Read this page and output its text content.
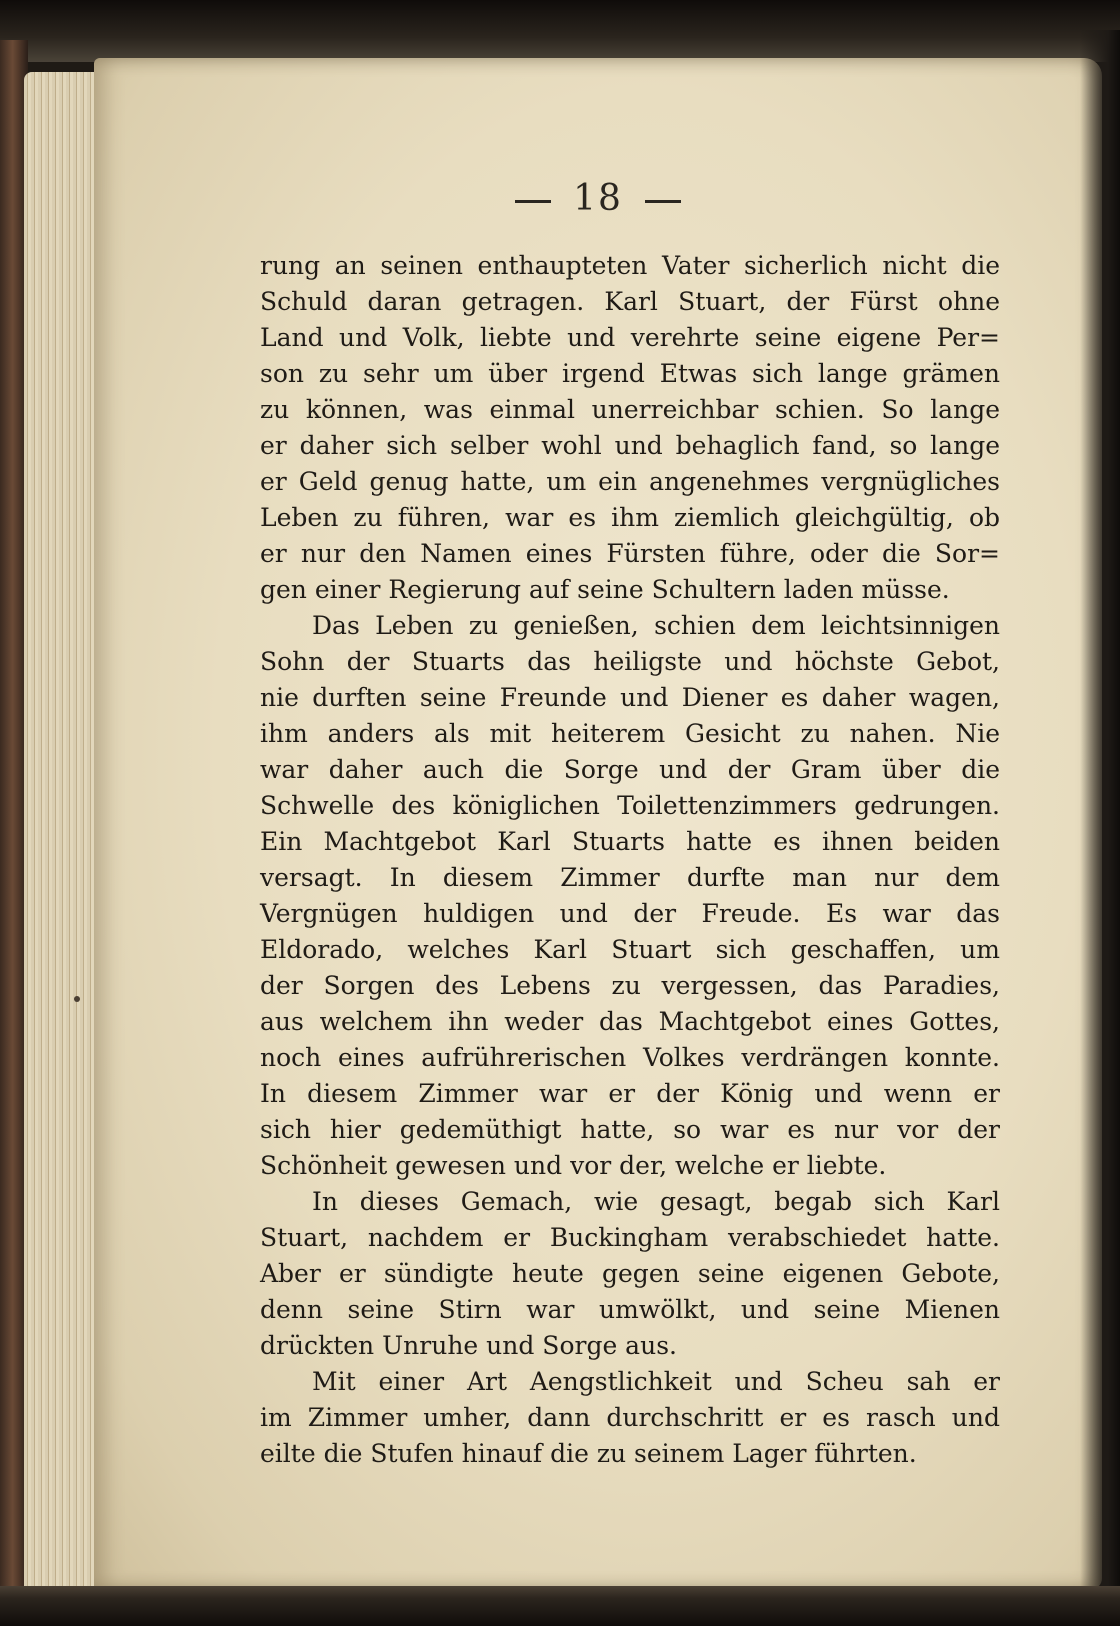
18
rung an seinen enthaupteten Vater sicherlich nicht die
Schuld daran getragen. Karl Stuart, der Fürst ohne
Land und Volk, liebte und verehrte seine eigene Per=
son zu sehr um über irgend Etwas sich lange grämen
zu können, was einmal unerreichbar schien. So lange
er daher sich selber wohl und behaglich fand, so lange
er Geld genug hatte, um ein angenehmes vergnügliches
Leben zu führen, war es ihm ziemlich gleichgültig, ob
er nur den Namen eines Fürsten führe, oder die Sor=
gen einer Regierung auf seine Schultern laden müsse.
Das Leben zu genießen, schien dem leichtsinnigen
Sohn der Stuarts das heiligste und höchste Gebot,
nie durften seine Freunde und Diener es daher wagen,
ihm anders als mit heiterem Gesicht zu nahen. Nie
war daher auch die Sorge und der Gram über die
Schwelle des königlichen Toilettenzimmers gedrungen.
Ein Machtgebot Karl Stuarts hatte es ihnen beiden
versagt. In diesem Zimmer durfte man nur dem
Vergnügen huldigen und der Freude. Es war das
Eldorado, welches Karl Stuart sich geschaffen, um
der Sorgen des Lebens zu vergessen, das Paradies,
aus welchem ihn weder das Machtgebot eines Gottes,
noch eines aufrührerischen Volkes verdrängen konnte.
In diesem Zimmer war er der König und wenn er
sich hier gedemüthigt hatte, so war es nur vor der
Schönheit gewesen und vor der, welche er liebte.
In dieses Gemach, wie gesagt, begab sich Karl
Stuart, nachdem er Buckingham verabschiedet hatte.
Aber er sündigte heute gegen seine eigenen Gebote,
denn seine Stirn war umwölkt, und seine Mienen
drückten Unruhe und Sorge aus.
Mit einer Art Aengstlichkeit und Scheu sah er
im Zimmer umher, dann durchschritt er es rasch und
eilte die Stufen hinauf die zu seinem Lager führten.
